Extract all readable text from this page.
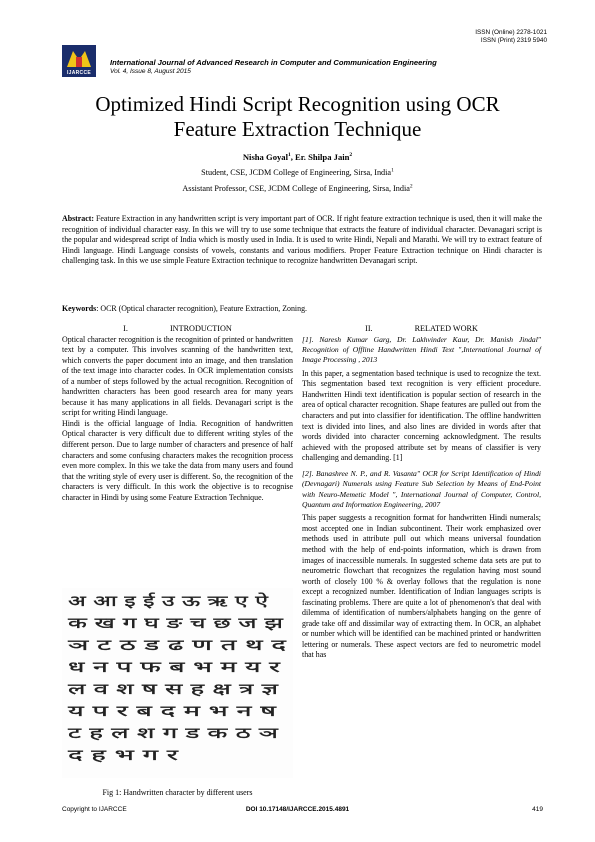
ISSN (Online) 2278-1021
ISSN (Print) 2319 5940
IJARCCE
International Journal of Advanced Research in Computer and Communication Engineering
Vol. 4, Issue 8, August 2015
Optimized Hindi Script Recognition using OCR
Feature Extraction Technique
Nisha Goyal$^1$, Er. Shilpa Jain$^2$
Student, CSE, JCDM College of Engineering, Sirsa, India$^1$
Assistant Professor, CSE, JCDM College of Engineering, Sirsa, India$^2$
Abstract: Feature Extraction in any handwritten script is very important part of OCR. If right feature extraction technique is used, then it will make the recognition of individual character easy. In this we will try to use some technique that extracts the feature of individual character. Devanagari script is the popular and widespread script of India which is mostly used in India. It is used to write Hindi, Nepali and Marathi. We will try to extract feature of Hindi language. Hindi Language consists of vowels, constants and various modifiers. Proper Feature Extraction technique on Hindi character is challenging task. In this we use simple Feature Extraction technique to recognize handwritten Devanagari script.
Keywords: OCR (Optical character recognition), Feature Extraction, Zoning.
I.	INTRODUCTION

Optical character recognition is the recognition of printed or handwritten text by a computer. This involves scanning of the handwritten text, which converts the paper document into an image, and then translation of the text image into character codes. In OCR implementation consists of a number of steps followed by the actual recognition. Recognition of handwritten characters has been good research area for many years because it has many applications in all fields. Devanagari script is the script for writing Hindi language.

Hindi is the official language of India. Recognition of handwritten Optical character is very difficult due to different writing styles of the different person. Due to large number of characters and presence of half characters and some confusing characters makes the recognition process even more complex. In this we take the data from many users and found that the writing style of every user is different. So, the recognition of the characters is very difficult. In this work the objective is to recognise character in Hindi by using some Feature Extraction Technique.

अ आ इ ई उ ऊ ऋ ए ऐ
क ख ग घ ङ च छ ज झ
ञ ट ठ ड ढ ण त थ द
ध न प फ ब भ म य र
ल व श ष स ह क्ष त्र ज्ञ
य प र ब द म भ न ष
ट ह ल श ग ड क ठ ञ
द ह भ ग र
Fig 1: Handwritten character by different users
II.	RELATED WORK

[1]. Naresh Kumar Garg, Dr. Lakhvinder Kaur, Dr. Manish Jindal" Recognition of Offline Handwritten Hindi Text ",International Journal of Image Processing , 2013

In this paper, a segmentation based technique is used to recognize the text. This segmentation based text recognition is very efficient procedure. Handwritten Hindi text identification is popular section of research in the area of optical character recognition. Shape features are pulled out from the characters and put into classifier for identification. The offline handwritten text is divided into lines, and also lines are divided in words after that words divided into character concerning acknowledgment. The results achieved with the proposed attribute set by means of classifier is very challenging and demanding. [1]

[2]. Banashree N. P., and R. Vasanta" OCR for Script Identification of Hindi (Devnagari) Numerals using Feature Sub Selection by Means of End-Point with Neuro-Memetic Model ", International Journal of Computer, Control, Quantum and Information Engineering, 2007

This paper suggests a recognition format for handwritten Hindi numerals; most accepted one in Indian subcontinent. Their work emphasized over methods used in attribute pull out which means universal foundation method with the help of end-points information, which is drawn from images of inaccessible numerals. In suggested scheme data sets are put to neurometric flowchart that recognizes the regulation having most sound worth of closely 100 % & overlay follows that the regulation is none except a recognized number. Identification of Indian languages scripts is fascinating problems. There are quite a lot of phenomenon's that deal with dilemma of identification of numbers/alphabets hanging on the genre of grade take off and dissimilar way of extracting them. In OCR, an alphabet or number which will be identified can be machined printed or handwritten lettering or numerals. These aspect vectors are fed to neurometric model that has

Copyright to IJARCCE	DOI 10.17148/IJARCCE.2015.4891	419
